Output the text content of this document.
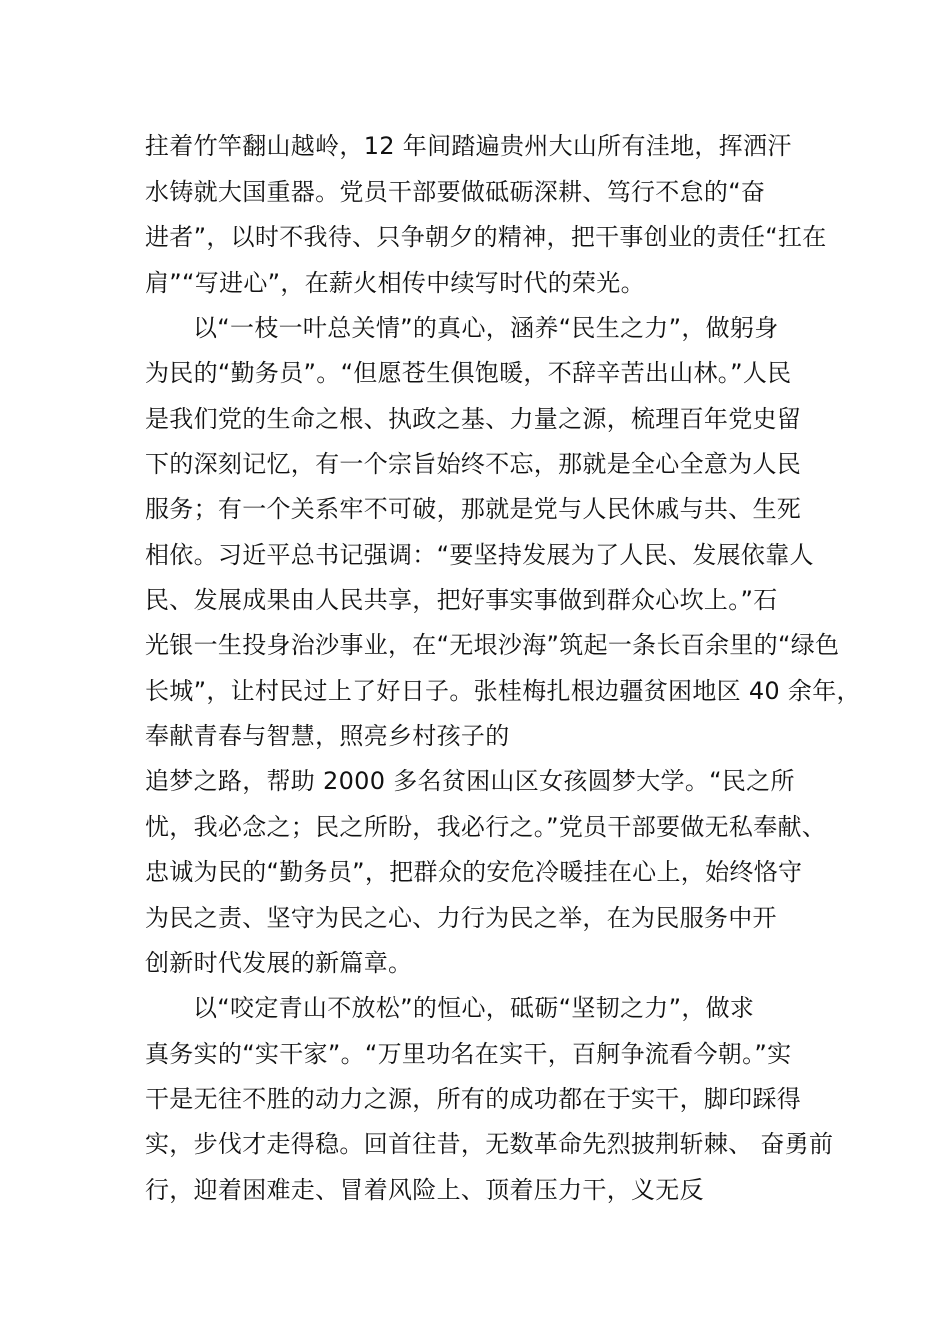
拄着竹竿翻山越岭，12 年间踏遍贵州大山所有洼地，挥洒汗
水铸就大国重器。党员干部要做砥砺深耕、笃行不怠的“奋
进者”，以时不我待、只争朝夕的精神，把干事创业的责任“扛在
肩”“写进心”，在薪火相传中续写时代的荣光。
以“一枝一叶总关情”的真心，涵养“民生之力”，做躬身
为民的“勤务员”。“但愿苍生俱饱暖，不辞辛苦出山林。”人民
是我们党的生命之根、执政之基、力量之源，梳理百年党史留
下的深刻记忆，有一个宗旨始终不忘，那就是全心全意为人民
服务；有一个关系牢不可破，那就是党与人民休戚与共、生死
相依。习近平总书记强调：“要坚持发展为了人民、发展依靠人
民、发展成果由人民共享，把好事实事做到群众心坎上。”石
光银一生投身治沙事业，在“无垠沙海”筑起一条长百余里的“绿色
长城”，让村民过上了好日子。张桂梅扎根边疆贫困地区 40 余年，
奉献青春与智慧，照亮乡村孩子的
追梦之路，帮助 2000 多名贫困山区女孩圆梦大学。“民之所
忧，我必念之；民之所盼，我必行之。”党员干部要做无私奉献、
忠诚为民的“勤务员”，把群众的安危冷暖挂在心上，始终恪守
为民之责、坚守为民之心、力行为民之举，在为民服务中开
创新时代发展的新篇章。
以“咬定青山不放松”的恒心，砥砺“坚韧之力”，做求
真务实的“实干家”。“万里功名在实干，百舸争流看今朝。”实
干是无往不胜的动力之源，所有的成功都在于实干，脚印踩得
实，步伐才走得稳。回首往昔，无数革命先烈披荆斩棘、 奋勇前
行，迎着困难走、冒着风险上、顶着压力干，义无反
